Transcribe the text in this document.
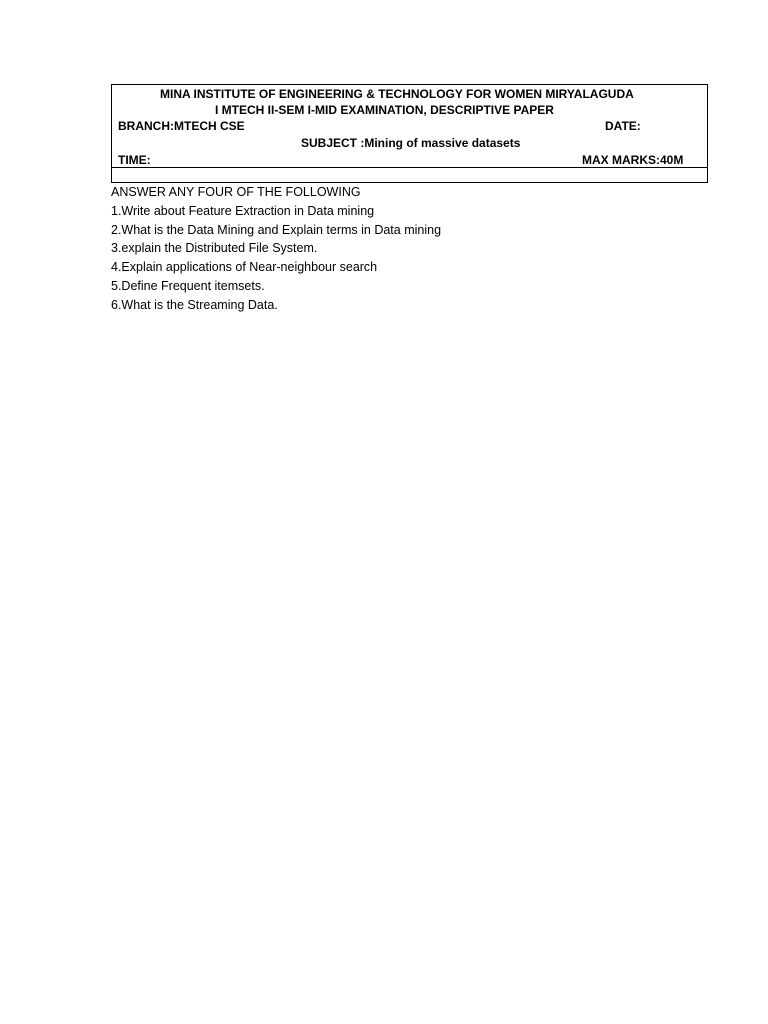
MINA INSTITUTE OF ENGINEERING & TECHNOLOGY FOR WOMEN MIRYALAGUDA
I MTECH II-SEM I-MID EXAMINATION, DESCRIPTIVE PAPER
BRANCH:MTECH CSE	DATE:
SUBJECT :Mining of massive datasets
TIME:	MAX MARKS:40M
ANSWER ANY FOUR OF THE FOLLOWING
1.Write about Feature Extraction in Data mining
2.What is the Data Mining and Explain terms in Data mining
3.explain the Distributed File System.
4.Explain applications of Near-neighbour search
5.Define Frequent itemsets.
6.What is the Streaming Data.
